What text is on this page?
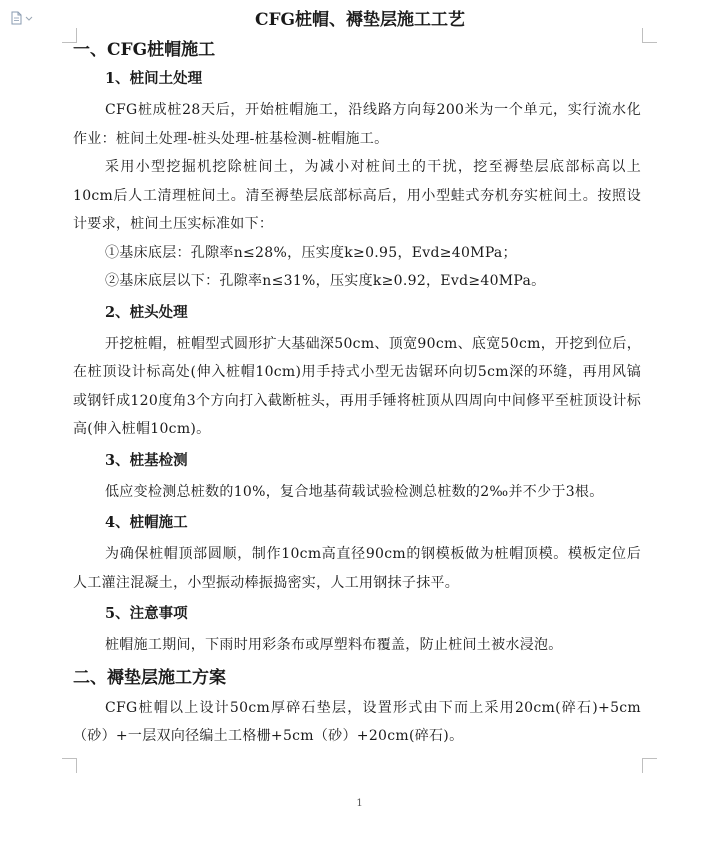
CFG桩帽、褥垫层施工工艺
一、CFG桩帽施工
1、桩间土处理

CFG桩成桩28天后，开始桩帽施工，沿线路方向每200米为一个单元，实行流水化作业：桩间土处理-桩头处理-桩基检测-桩帽施工。

采用小型挖掘机挖除桩间土，为减小对桩间土的干扰，挖至褥垫层底部标高以上10cm后人工清理桩间土。清至褥垫层底部标高后，用小型蛙式夯机夯实桩间土。按照设计要求，桩间土压实标准如下：

①基床底层：孔隙率n≤28%，压实度k≥0.95，Evd≥40MPa；

②基床底层以下：孔隙率n≤31%，压实度k≥0.92，Evd≥40MPa。

2、桩头处理

开挖桩帽，桩帽型式圆形扩大基础深50cm、顶宽90cm、底宽50cm，开挖到位后，在桩顶设计标高处(伸入桩帽10cm)用手持式小型无齿锯环向切5cm深的环缝，再用风镐或钢钎成120度角3个方向打入截断桩头，再用手锤将桩顶从四周向中间修平至桩顶设计标高(伸入桩帽10cm)。

3、桩基检测

低应变检测总桩数的10%，复合地基荷载试验检测总桩数的2‰并不少于3根。

4、桩帽施工

为确保桩帽顶部圆顺，制作10cm高直径90cm的钢模板做为桩帽顶模。模板定位后人工灌注混凝土，小型振动棒振捣密实，人工用钢抹子抹平。

5、注意事项

桩帽施工期间，下雨时用彩条布或厚塑料布覆盖，防止桩间土被水浸泡。

二、褥垫层施工方案

CFG桩帽以上设计50cm厚碎石垫层，设置形式由下而上采用20cm(碎石)+5cm（砂）+一层双向径编土工格栅+5cm（砂）+20cm(碎石)。

1
